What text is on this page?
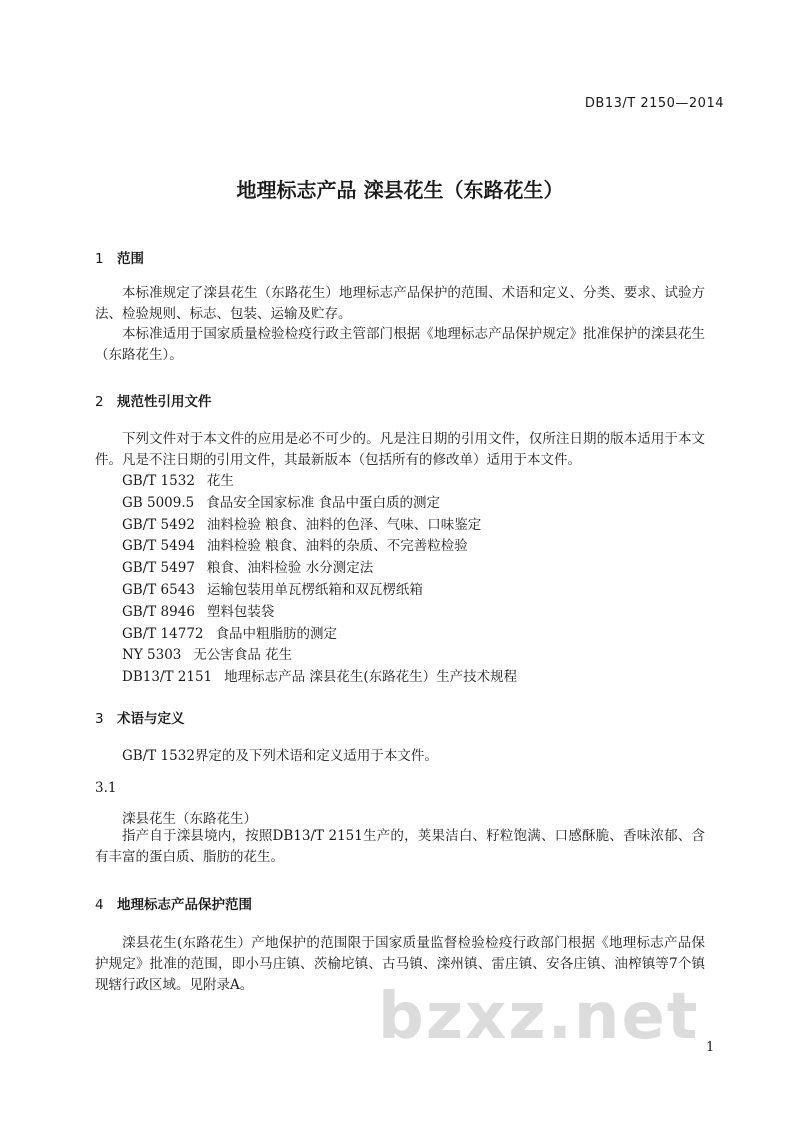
DB13/T 2150—2014
地理标志产品 滦县花生（东路花生）
1 范围
本标准规定了滦县花生（东路花生）地理标志产品保护的范围、术语和定义、分类、要求、试验方法、检验规则、标志、包装、运输及贮存。
本标准适用于国家质量检验检疫行政主管部门根据《地理标志产品保护规定》批准保护的滦县花生（东路花生）。
2 规范性引用文件
下列文件对于本文件的应用是必不可少的。凡是注日期的引用文件，仅所注日期的版本适用于本文件。凡是不注日期的引用文件，其最新版本（包括所有的修改单）适用于本文件。
GB/T 1532 花生
GB 5009.5 食品安全国家标准 食品中蛋白质的测定
GB/T 5492 油料检验 粮食、油料的色泽、气味、口味鉴定
GB/T 5494 油料检验 粮食、油料的杂质、不完善粒检验
GB/T 5497 粮食、油料检验 水分测定法
GB/T 6543 运输包装用单瓦楞纸箱和双瓦楞纸箱
GB/T 8946 塑料包装袋
GB/T 14772 食品中粗脂肪的测定
NY 5303 无公害食品 花生
DB13/T 2151 地理标志产品 滦县花生(东路花生）生产技术规程
3 术语与定义
GB/T 1532界定的及下列术语和定义适用于本文件。
3.1
滦县花生（东路花生）
指产自于滦县境内，按照DB13/T 2151生产的，荚果洁白、籽粒饱满、口感酥脆、香味浓郁、含有丰富的蛋白质、脂肪的花生。
4 地理标志产品保护范围
滦县花生(东路花生）产地保护的范围限于国家质量监督检验检疫行政部门根据《地理标志产品保护规定》批准的范围，即小马庄镇、茨榆坨镇、古马镇、滦州镇、雷庄镇、安各庄镇、油榨镇等7个镇现辖行政区域。见附录A。	bzxz.net 1
